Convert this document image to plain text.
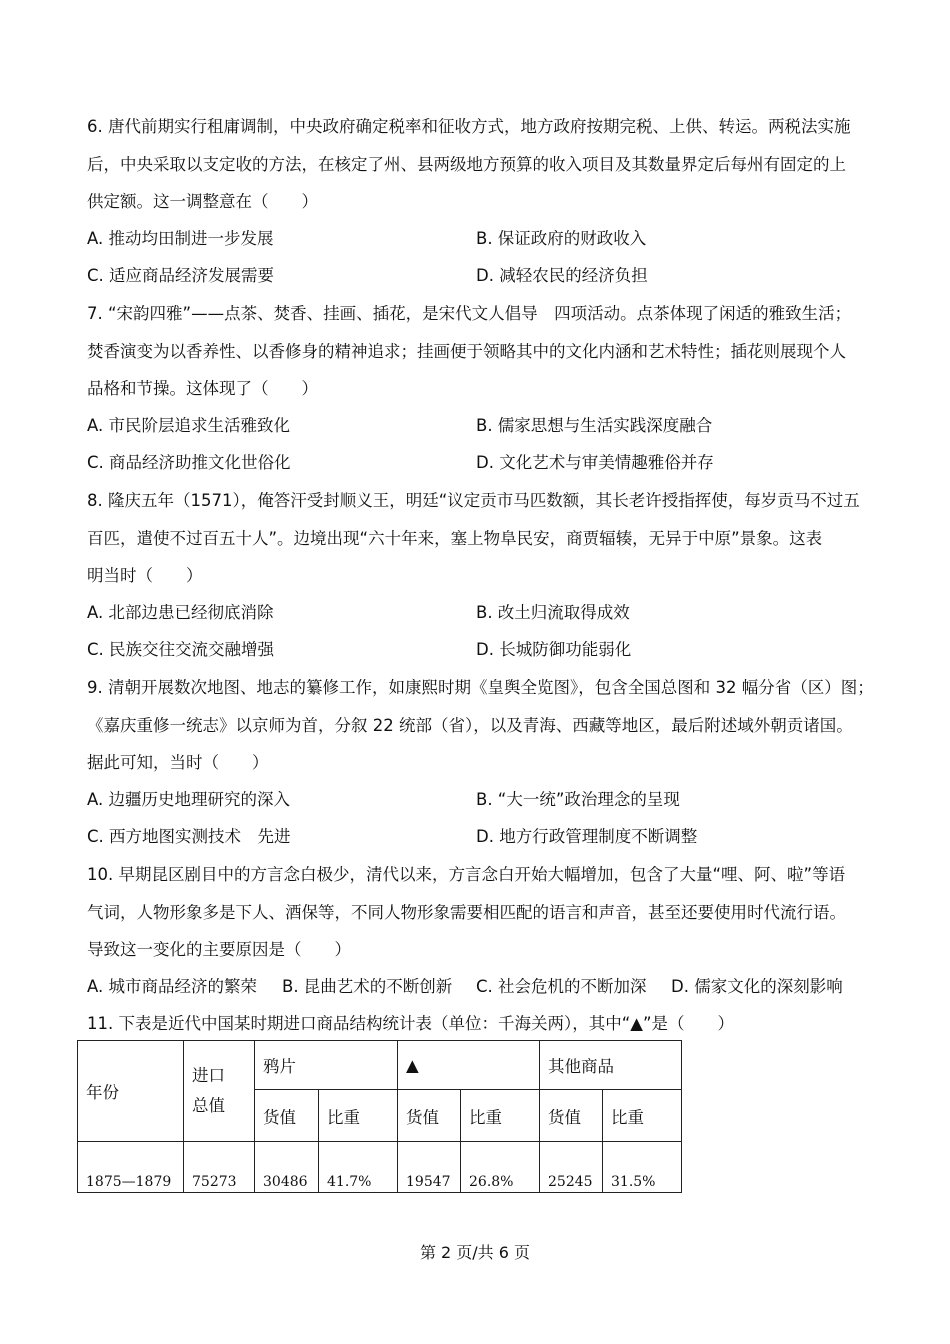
6. 唐代前期实行租庸调制，中央政府确定税率和征收方式，地方政府按期完税、上供、转运。两税法实施

后，中央采取以支定收的方法，在核定了州、县两级地方预算的收入项目及其数量界定后每州有固定的上

供定额。这一调整意在（　　）

A. 推动均田制进一步发展	B. 保证政府的财政收入
C. 适应商品经济发展需要	D. 减轻农民的经济负担

7. “宋韵四雅”——点茶、焚香、挂画、插花，是宋代文人倡导　四项活动。点茶体现了闲适的雅致生活；

焚香演变为以香养性、以香修身的精神追求；挂画便于领略其中的文化内涵和艺术特性；插花则展现个人

品格和节操。这体现了（　　）

A. 市民阶层追求生活雅致化	B. 儒家思想与生活实践深度融合
C. 商品经济助推文化世俗化	D. 文化艺术与审美情趣雅俗并存

8. 隆庆五年（1571），俺答汗受封顺义王，明廷“议定贡市马匹数额，其长老许授指挥使，每岁贡马不过五

百匹，遣使不过百五十人”。边境出现“六十年来，塞上物阜民安，商贾辐辏，无异于中原”景象。这表

明当时（　　）

A. 北部边患已经彻底消除	B. 改土归流取得成效
C. 民族交往交流交融增强	D. 长城防御功能弱化

9. 清朝开展数次地图、地志的纂修工作，如康熙时期《皇舆全览图》，包含全国总图和 32 幅分省（区）图；

《嘉庆重修一统志》以京师为首，分叙 22 统部（省），以及青海、西藏等地区，最后附述域外朝贡诸国。

据此可知，当时（　　）

A. 边疆历史地理研究的深入	B. “大一统”政治理念的呈现
C. 西方地图实测技术　先进	D. 地方行政管理制度不断调整

10. 早期昆区剧目中的方言念白极少，清代以来，方言念白开始大幅增加，包含了大量“哩、阿、啦”等语

气词，人物形象多是下人、酒保等，不同人物形象需要相匹配的语言和声音，甚至还要使用时代流行语。

导致这一变化的主要原因是（　　）

A. 城市商品经济的繁荣 B. 昆曲艺术的不断创新 C. 社会危机的不断加深 D. 儒家文化的深刻影响

11. 下表是近代中国某时期进口商品结构统计表（单位：千海关两），其中“▲”是（　　）

年份	进口总值	鸦片		▲		其他商品	
		货值	比重	货值	比重	货值	比重
1875—1879	75273	30486	41.7%	19547	26.8%	25245	31.5%
第 2 页/共 6 页
